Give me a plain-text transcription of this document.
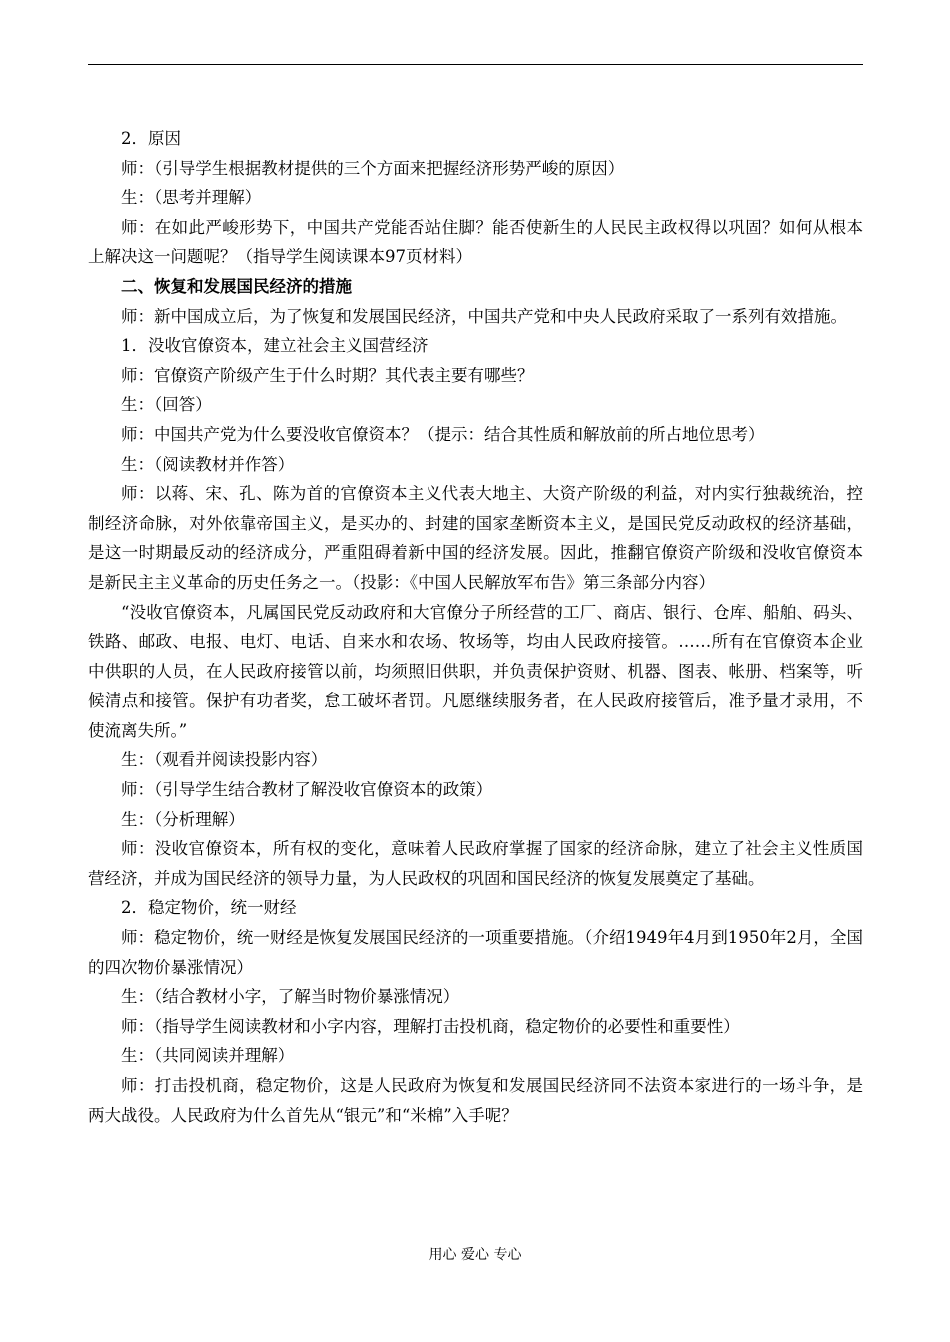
2．原因

师：（引导学生根据教材提供的三个方面来把握经济形势严峻的原因）

生：（思考并理解）

师：在如此严峻形势下，中国共产党能否站住脚？能否使新生的人民民主政权得以巩固？如何从根本上解决这一问题呢？（指导学生阅读课本97页材料）

二、恢复和发展国民经济的措施

师：新中国成立后，为了恢复和发展国民经济，中国共产党和中央人民政府采取了一系列有效措施。

1．没收官僚资本，建立社会主义国营经济

师：官僚资产阶级产生于什么时期？其代表主要有哪些？

生：（回答）

师：中国共产党为什么要没收官僚资本？（提示：结合其性质和解放前的所占地位思考）

生：（阅读教材并作答）

师：以蒋、宋、孔、陈为首的官僚资本主义代表大地主、大资产阶级的利益，对内实行独裁统治，控制经济命脉，对外依靠帝国主义，是买办的、封建的国家垄断资本主义，是国民党反动政权的经济基础，是这一时期最反动的经济成分，严重阻碍着新中国的经济发展。因此，推翻官僚资产阶级和没收官僚资本是新民主主义革命的历史任务之一。（投影：《中国人民解放军布告》第三条部分内容）

“没收官僚资本，凡属国民党反动政府和大官僚分子所经营的工厂、商店、银行、仓库、船舶、码头、铁路、邮政、电报、电灯、电话、自来水和农场、牧场等，均由人民政府接管。……所有在官僚资本企业中供职的人员，在人民政府接管以前，均须照旧供职，并负责保护资财、机器、图表、帐册、档案等，听候清点和接管。保护有功者奖，怠工破坏者罚。凡愿继续服务者，在人民政府接管后，准予量才录用，不使流离失所。”

生：（观看并阅读投影内容）

师：（引导学生结合教材了解没收官僚资本的政策）

生：（分析理解）

师：没收官僚资本，所有权的变化，意味着人民政府掌握了国家的经济命脉，建立了社会主义性质国营经济，并成为国民经济的领导力量，为人民政权的巩固和国民经济的恢复发展奠定了基础。

2．稳定物价，统一财经

师：稳定物价，统一财经是恢复发展国民经济的一项重要措施。（介绍1949年4月到1950年2月，全国的四次物价暴涨情况）

生：（结合教材小字，了解当时物价暴涨情况）

师：（指导学生阅读教材和小字内容，理解打击投机商，稳定物价的必要性和重要性）

生：（共同阅读并理解）

师：打击投机商，稳定物价，这是人民政府为恢复和发展国民经济同不法资本家进行的一场斗争，是两大战役。人民政府为什么首先从“银元”和“米棉”入手呢？

用心 爱心 专心
